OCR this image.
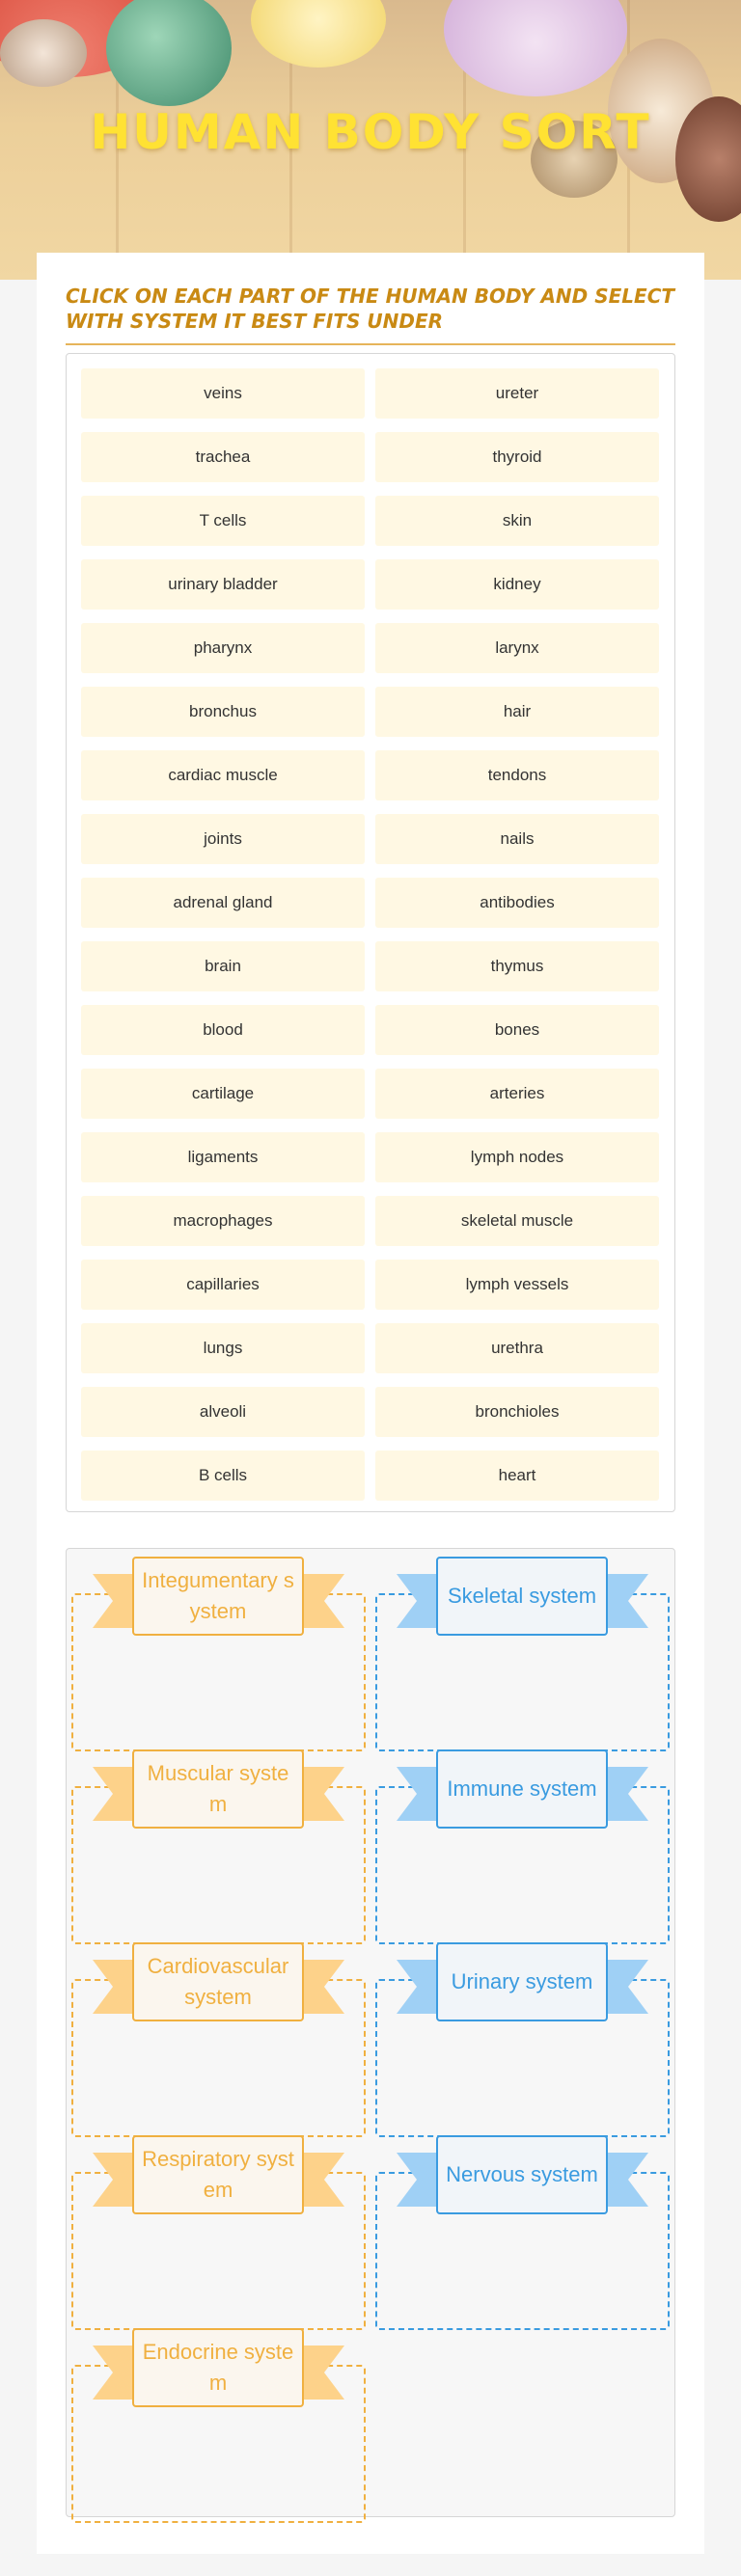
HUMAN BODY SORT
CLICK ON EACH PART OF THE HUMAN BODY AND SELECT WITH SYSTEM IT BEST FITS UNDER
veins	ureter
trachea	thyroid
T cells	skin
urinary bladder	kidney
pharynx	larynx
bronchus	hair
cardiac muscle	tendons
joints	nails
adrenal gland	antibodies
brain	thymus
blood	bones
cartilage	arteries
ligaments	lymph nodes
macrophages	skeletal muscle
capillaries	lymph vessels
lungs	urethra
alveoli	bronchioles
B cells	heart
Integumentary system
Skeletal system
Muscular system
Immune system
Cardiovascular system
Urinary system
Respiratory system
Nervous system
Endocrine system
